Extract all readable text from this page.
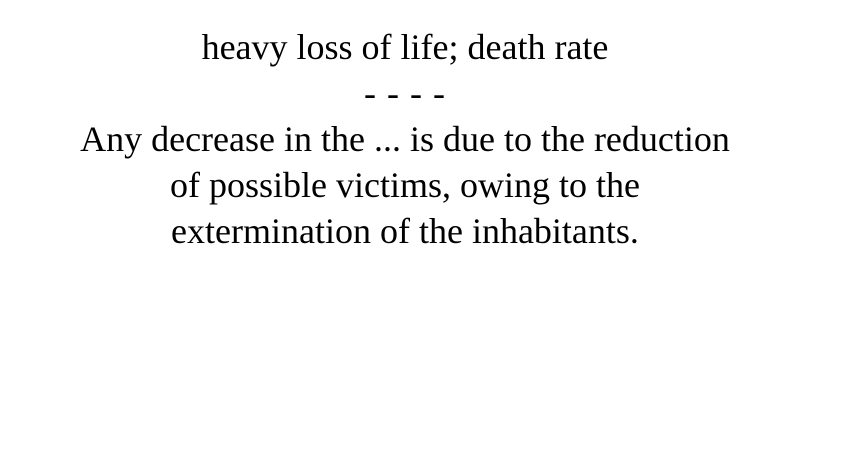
heavy loss of life; death rate
- - - -
Any decrease in the ... is due to the reduction
of possible victims, owing to the
extermination of the inhabitants.
